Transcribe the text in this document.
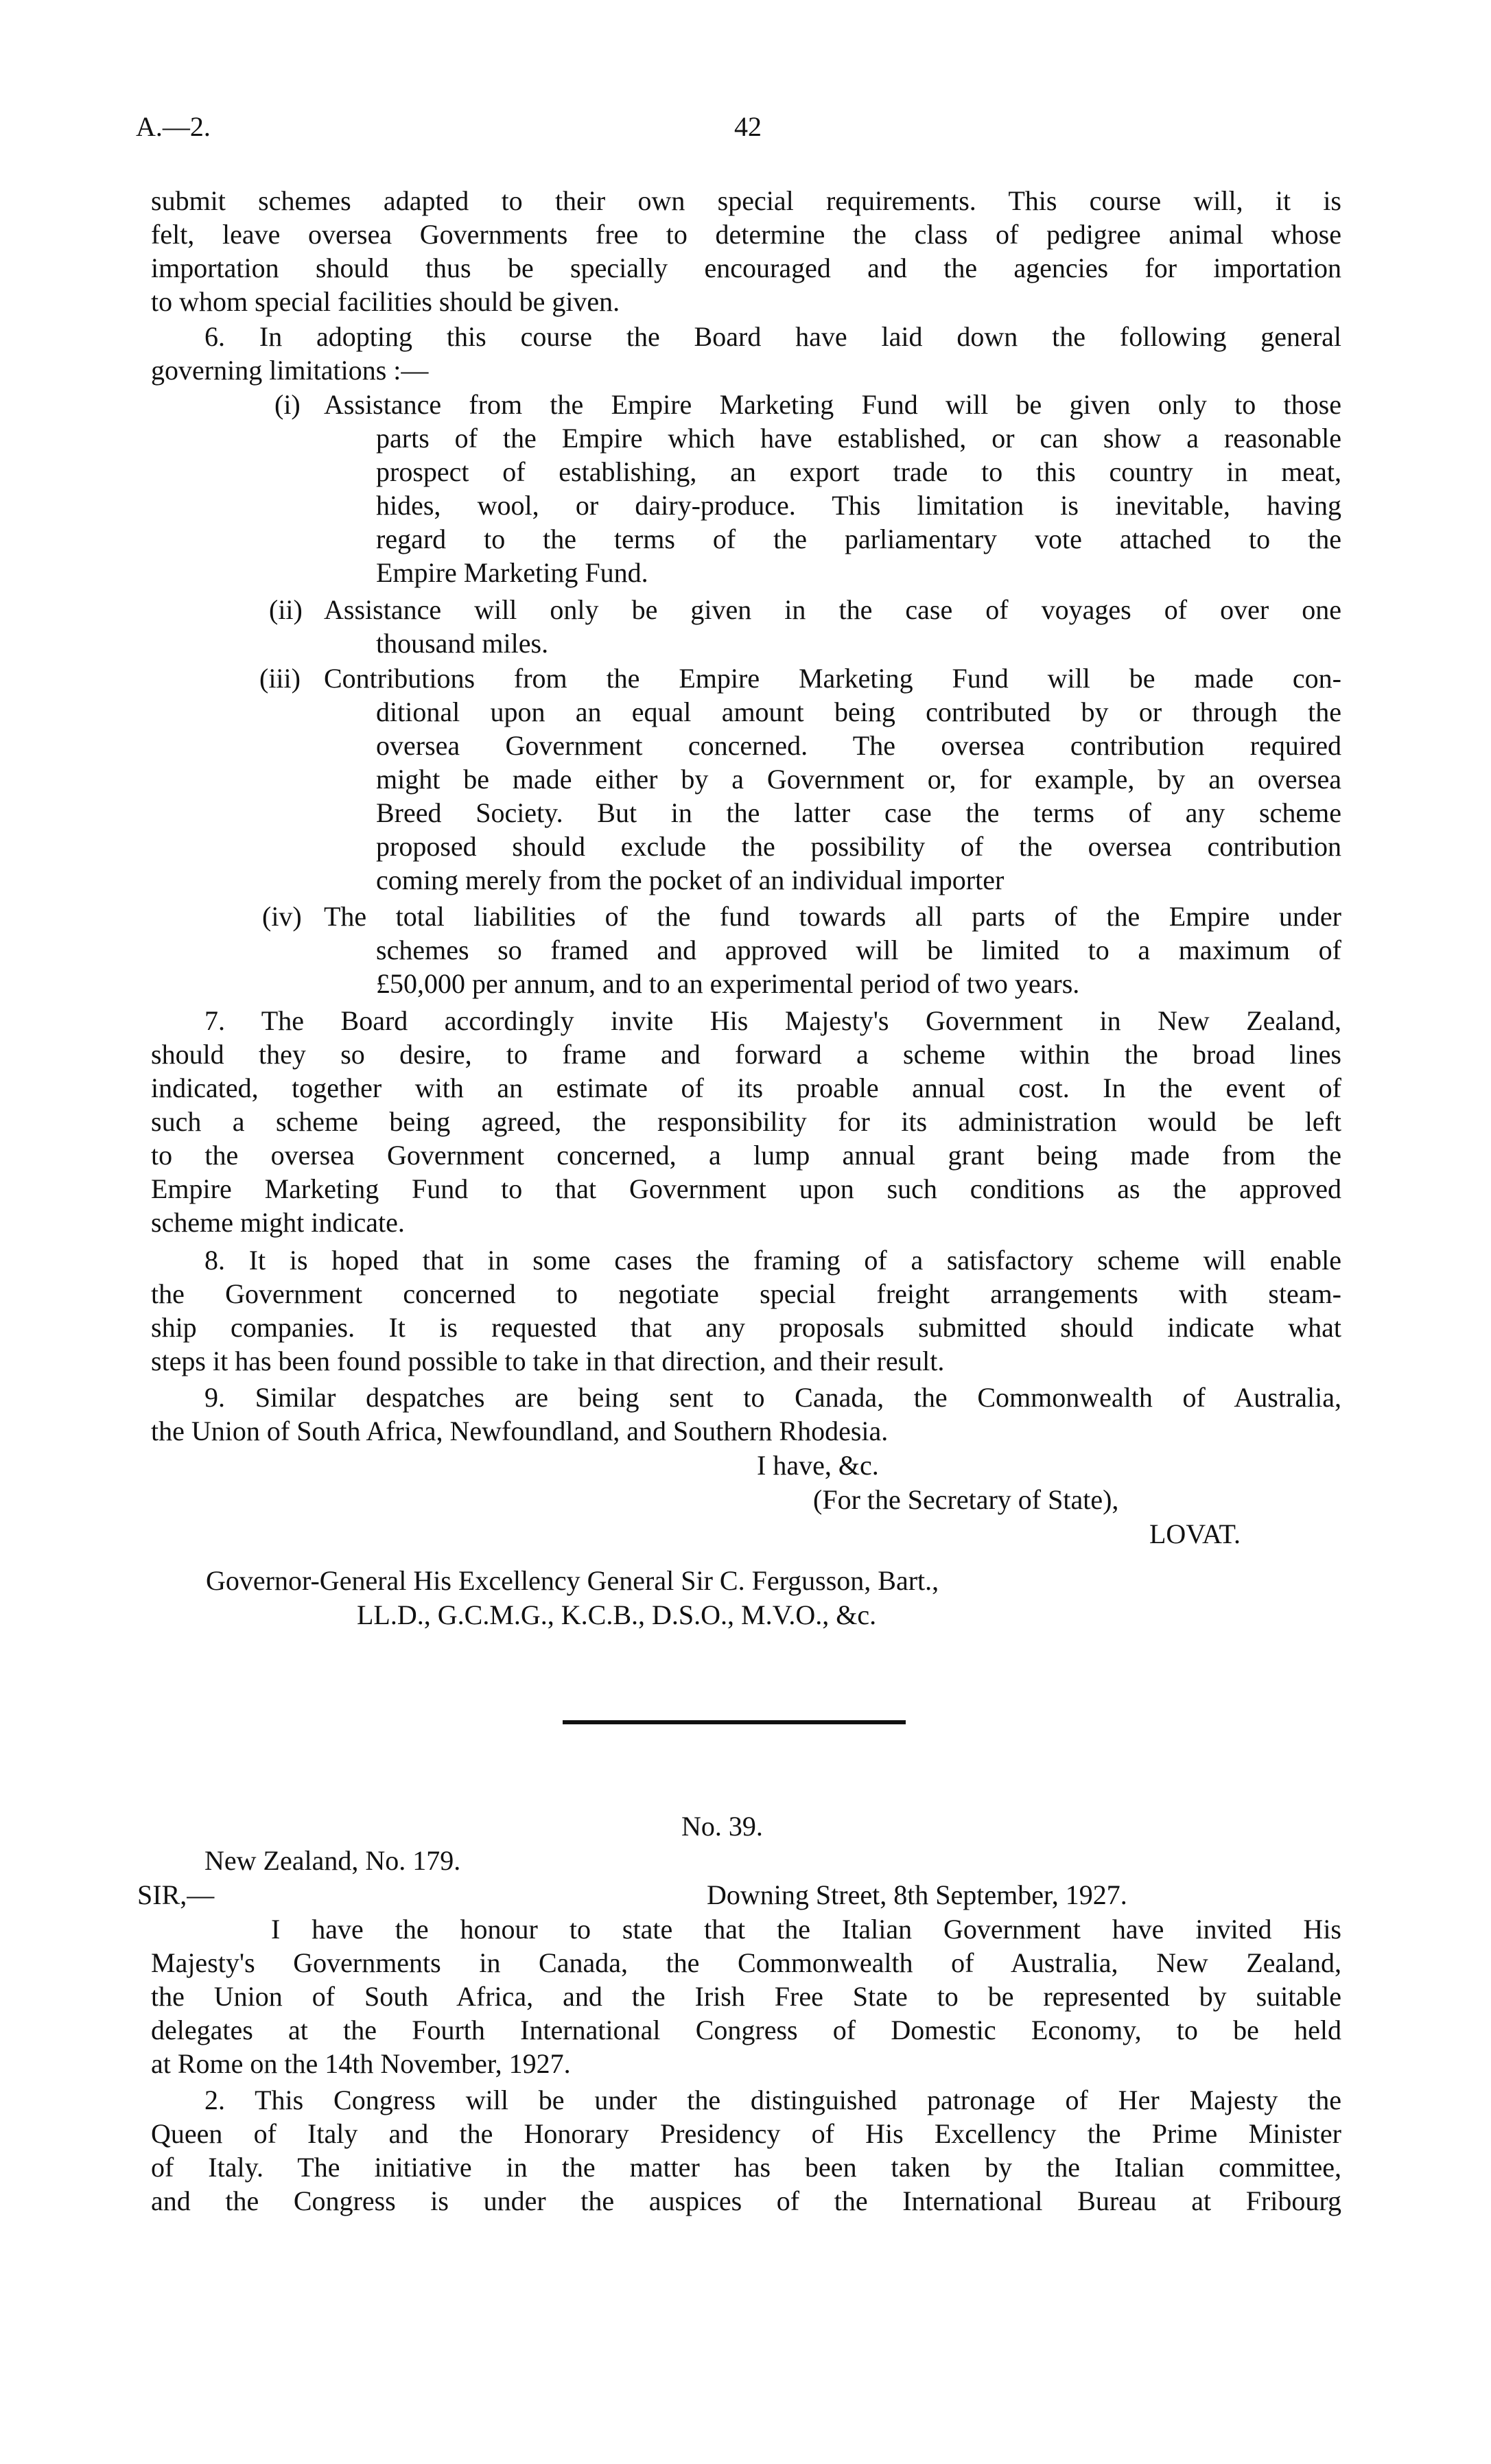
A.—2.	42
submit schemes adapted to their own special requirements. This course will, it is
felt, leave oversea Governments free to determine the class of pedigree animal whose
importation should thus be specially encouraged and the agencies for importation
to whom special facilities should be given.
6. In adopting this course the Board have laid down the following general
governing limitations :—
(i) Assistance from the Empire Marketing Fund will be given only to those
parts of the Empire which have established, or can show a reasonable
prospect of establishing, an export trade to this country in meat,
hides, wool, or dairy-produce. This limitation is inevitable, having
regard to the terms of the parliamentary vote attached to the
Empire Marketing Fund.
(ii) Assistance will only be given in the case of voyages of over one
thousand miles.
(iii) Contributions from the Empire Marketing Fund will be made con-
ditional upon an equal amount being contributed by or through the
oversea Government concerned. The oversea contribution required
might be made either by a Government or, for example, by an oversea
Breed Society. But in the latter case the terms of any scheme
proposed should exclude the possibility of the oversea contribution
coming merely from the pocket of an individual importer
(iv) The total liabilities of the fund towards all parts of the Empire under
schemes so framed and approved will be limited to a maximum of
£50,000 per annum, and to an experimental period of two years.
7. The Board accordingly invite His Majesty's Government in New Zealand,
should they so desire, to frame and forward a scheme within the broad lines
indicated, together with an estimate of its proable annual cost. In the event of
such a scheme being agreed, the responsibility for its administration would be left
to the oversea Government concerned, a lump annual grant being made from the
Empire Marketing Fund to that Government upon such conditions as the approved
scheme might indicate.
8. It is hoped that in some cases the framing of a satisfactory scheme will enable
the Government concerned to negotiate special freight arrangements with steam-
ship companies. It is requested that any proposals submitted should indicate what
steps it has been found possible to take in that direction, and their result.
9. Similar despatches are being sent to Canada, the Commonwealth of Australia,
the Union of South Africa, Newfoundland, and Southern Rhodesia.
I have, &c.
(For the Secretary of State),
LOVAT.
Governor-General His Excellency General Sir C. Fergusson, Bart.,
LL.D., G.C.M.G., K.C.B., D.S.O., M.V.O., &c.
No. 39.
New Zealand, No. 179.
SIR,—	Downing Street, 8th September, 1927.
I have the honour to state that the Italian Government have invited His
Majesty's Governments in Canada, the Commonwealth of Australia, New Zealand,
the Union of South Africa, and the Irish Free State to be represented by suitable
delegates at the Fourth International Congress of Domestic Economy, to be held
at Rome on the 14th November, 1927.
2. This Congress will be under the distinguished patronage of Her Majesty the
Queen of Italy and the Honorary Presidency of His Excellency the Prime Minister
of Italy. The initiative in the matter has been taken by the Italian committee,
and the Congress is under the auspices of the International Bureau at Fribourg
